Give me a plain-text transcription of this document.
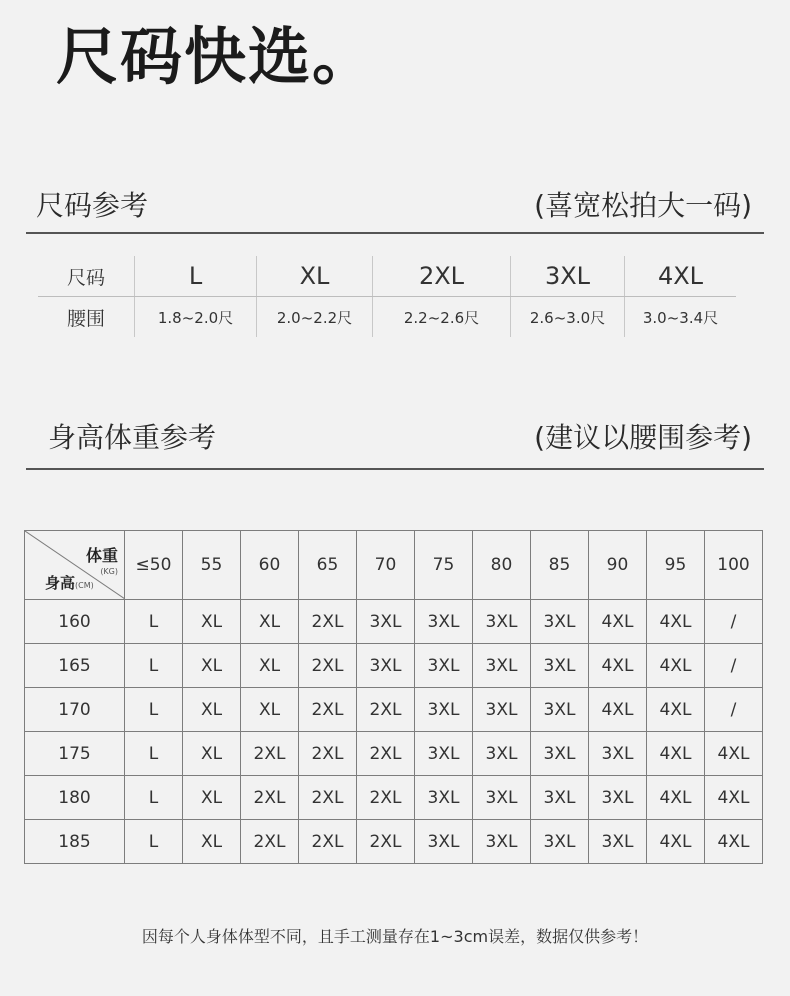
尺码快选。
尺码参考	(喜宽松拍大一码)
尺码	L	XL	2XL	3XL	4XL
腰围	1.8~2.0尺	2.0~2.2尺	2.2~2.6尺	2.6~3.0尺	3.0~3.4尺
身高体重参考	(建议以腰围参考)
体重
(KG)
身高(CM)	≤50	55	60	65	70	75	80	85	90	95	100
160	L	XL	XL	2XL	3XL	3XL	3XL	3XL	4XL	4XL	/
165	L	XL	XL	2XL	3XL	3XL	3XL	3XL	4XL	4XL	/
170	L	XL	XL	2XL	2XL	3XL	3XL	3XL	4XL	4XL	/
175	L	XL	2XL	2XL	2XL	3XL	3XL	3XL	3XL	4XL	4XL
180	L	XL	2XL	2XL	2XL	3XL	3XL	3XL	3XL	4XL	4XL
185	L	XL	2XL	2XL	2XL	3XL	3XL	3XL	3XL	4XL	4XL
因每个人身体体型不同，且手工测量存在1~3cm误差，数据仅供参考！
